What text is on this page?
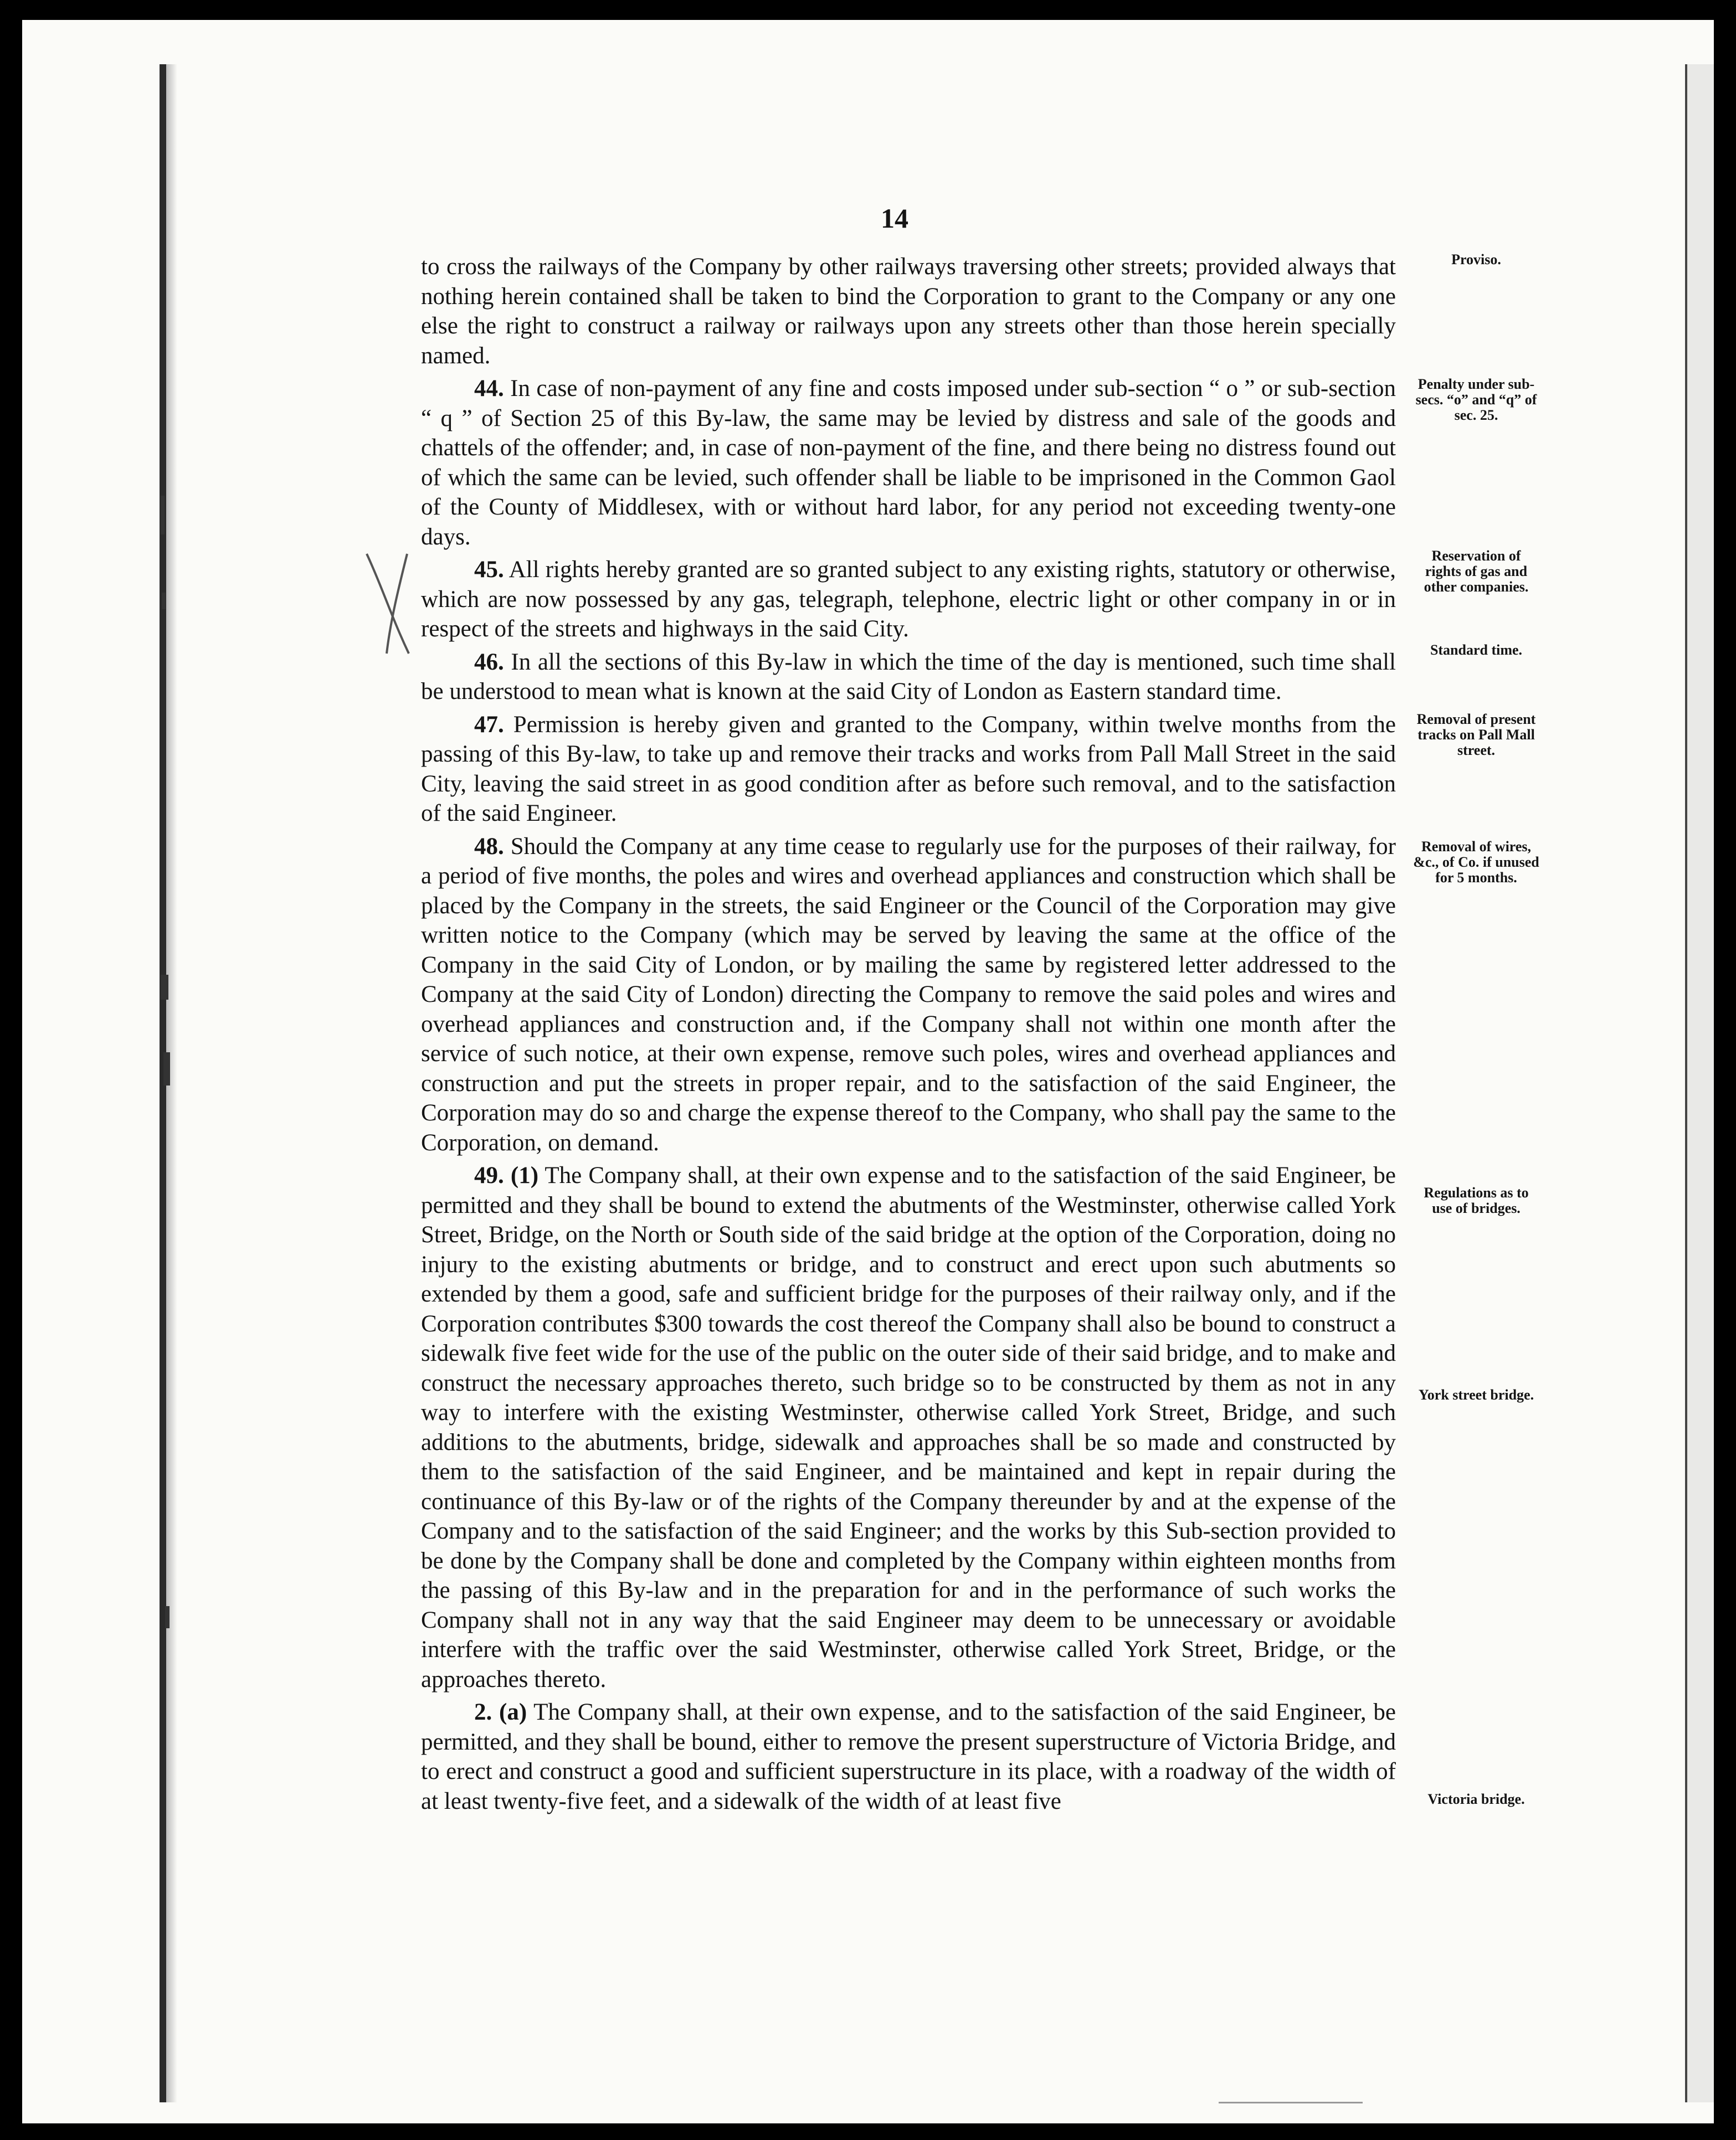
14

to cross the railways of the Company by other railways traversing other streets; provided always that nothing herein contained shall be taken to bind the Corporation to grant to the Company or any one else the right to construct a railway or railways upon any streets other than those herein specially named.

44. In case of non-payment of any fine and costs imposed under sub-section “ o ” or sub-section “ q ” of Section 25 of this By-law, the same may be levied by distress and sale of the goods and chattels of the offender; and, in case of non-payment of the fine, and there being no distress found out of which the same can be levied, such offender shall be liable to be imprisoned in the Common Gaol of the County of Middlesex, with or without hard labor, for any period not exceeding twenty-one days.

45. All rights hereby granted are so granted subject to any existing rights, statutory or otherwise, which are now possessed by any gas, telegraph, telephone, electric light or other company in or in respect of the streets and highways in the said City.

46. In all the sections of this By-law in which the time of the day is mentioned, such time shall be understood to mean what is known at the said City of London as Eastern standard time.

47. Permission is hereby given and granted to the Company, within twelve months from the passing of this By-law, to take up and remove their tracks and works from Pall Mall Street in the said City, leaving the said street in as good condition after as before such removal, and to the satisfaction of the said Engineer.

48. Should the Company at any time cease to regularly use for the purposes of their railway, for a period of five months, the poles and wires and overhead appliances and construction which shall be placed by the Company in the streets, the said Engineer or the Council of the Corporation may give written notice to the Company (which may be served by leaving the same at the office of the Company in the said City of London, or by mailing the same by registered letter addressed to the Company at the said City of London) directing the Company to remove the said poles and wires and overhead appliances and construction and, if the Company shall not within one month after the service of such notice, at their own expense, remove such poles, wires and overhead appliances and construction and put the streets in proper repair, and to the satisfaction of the said Engineer, the Corporation may do so and charge the expense thereof to the Company, who shall pay the same to the Corporation, on demand.

49. (1) The Company shall, at their own expense and to the satisfaction of the said Engineer, be permitted and they shall be bound to extend the abutments of the Westminster, otherwise called York Street, Bridge, on the North or South side of the said bridge at the option of the Corporation, doing no injury to the existing abutments or bridge, and to construct and erect upon such abutments so extended by them a good, safe and sufficient bridge for the purposes of their railway only, and if the Corporation contributes $300 towards the cost thereof the Company shall also be bound to construct a sidewalk five feet wide for the use of the public on the outer side of their said bridge, and to make and construct the necessary approaches thereto, such bridge so to be constructed by them as not in any way to interfere with the existing Westminster, otherwise called York Street, Bridge, and such additions to the abutments, bridge, sidewalk and approaches shall be so made and constructed by them to the satisfaction of the said Engineer, and be maintained and kept in repair during the continuance of this By-law or of the rights of the Company thereunder by and at the expense of the Company and to the satisfaction of the said Engineer; and the works by this Sub-section provided to be done by the Company shall be done and completed by the Company within eighteen months from the passing of this By-law and in the preparation for and in the performance of such works the Company shall not in any way that the said Engineer may deem to be unnecessary or avoidable interfere with the traffic over the said Westminster, otherwise called York Street, Bridge, or the approaches thereto.

2. (a) The Company shall, at their own expense, and to the satisfaction of the said Engineer, be permitted, and they shall be bound, either to remove the present superstructure of Victoria Bridge, and to erect and construct a good and sufficient superstructure in its place, with a roadway of the width of at least twenty-five feet, and a sidewalk of the width of at least five

Proviso.
Penalty under sub-secs. “o” and “q” of sec. 25.
Reservation of rights of gas and other companies.
Standard time.
Removal of present tracks on Pall Mall street.
Removal of wires, &c., of Co. if unused for 5 months.
Regulations as to use of bridges.
York street bridge.
Victoria bridge.
